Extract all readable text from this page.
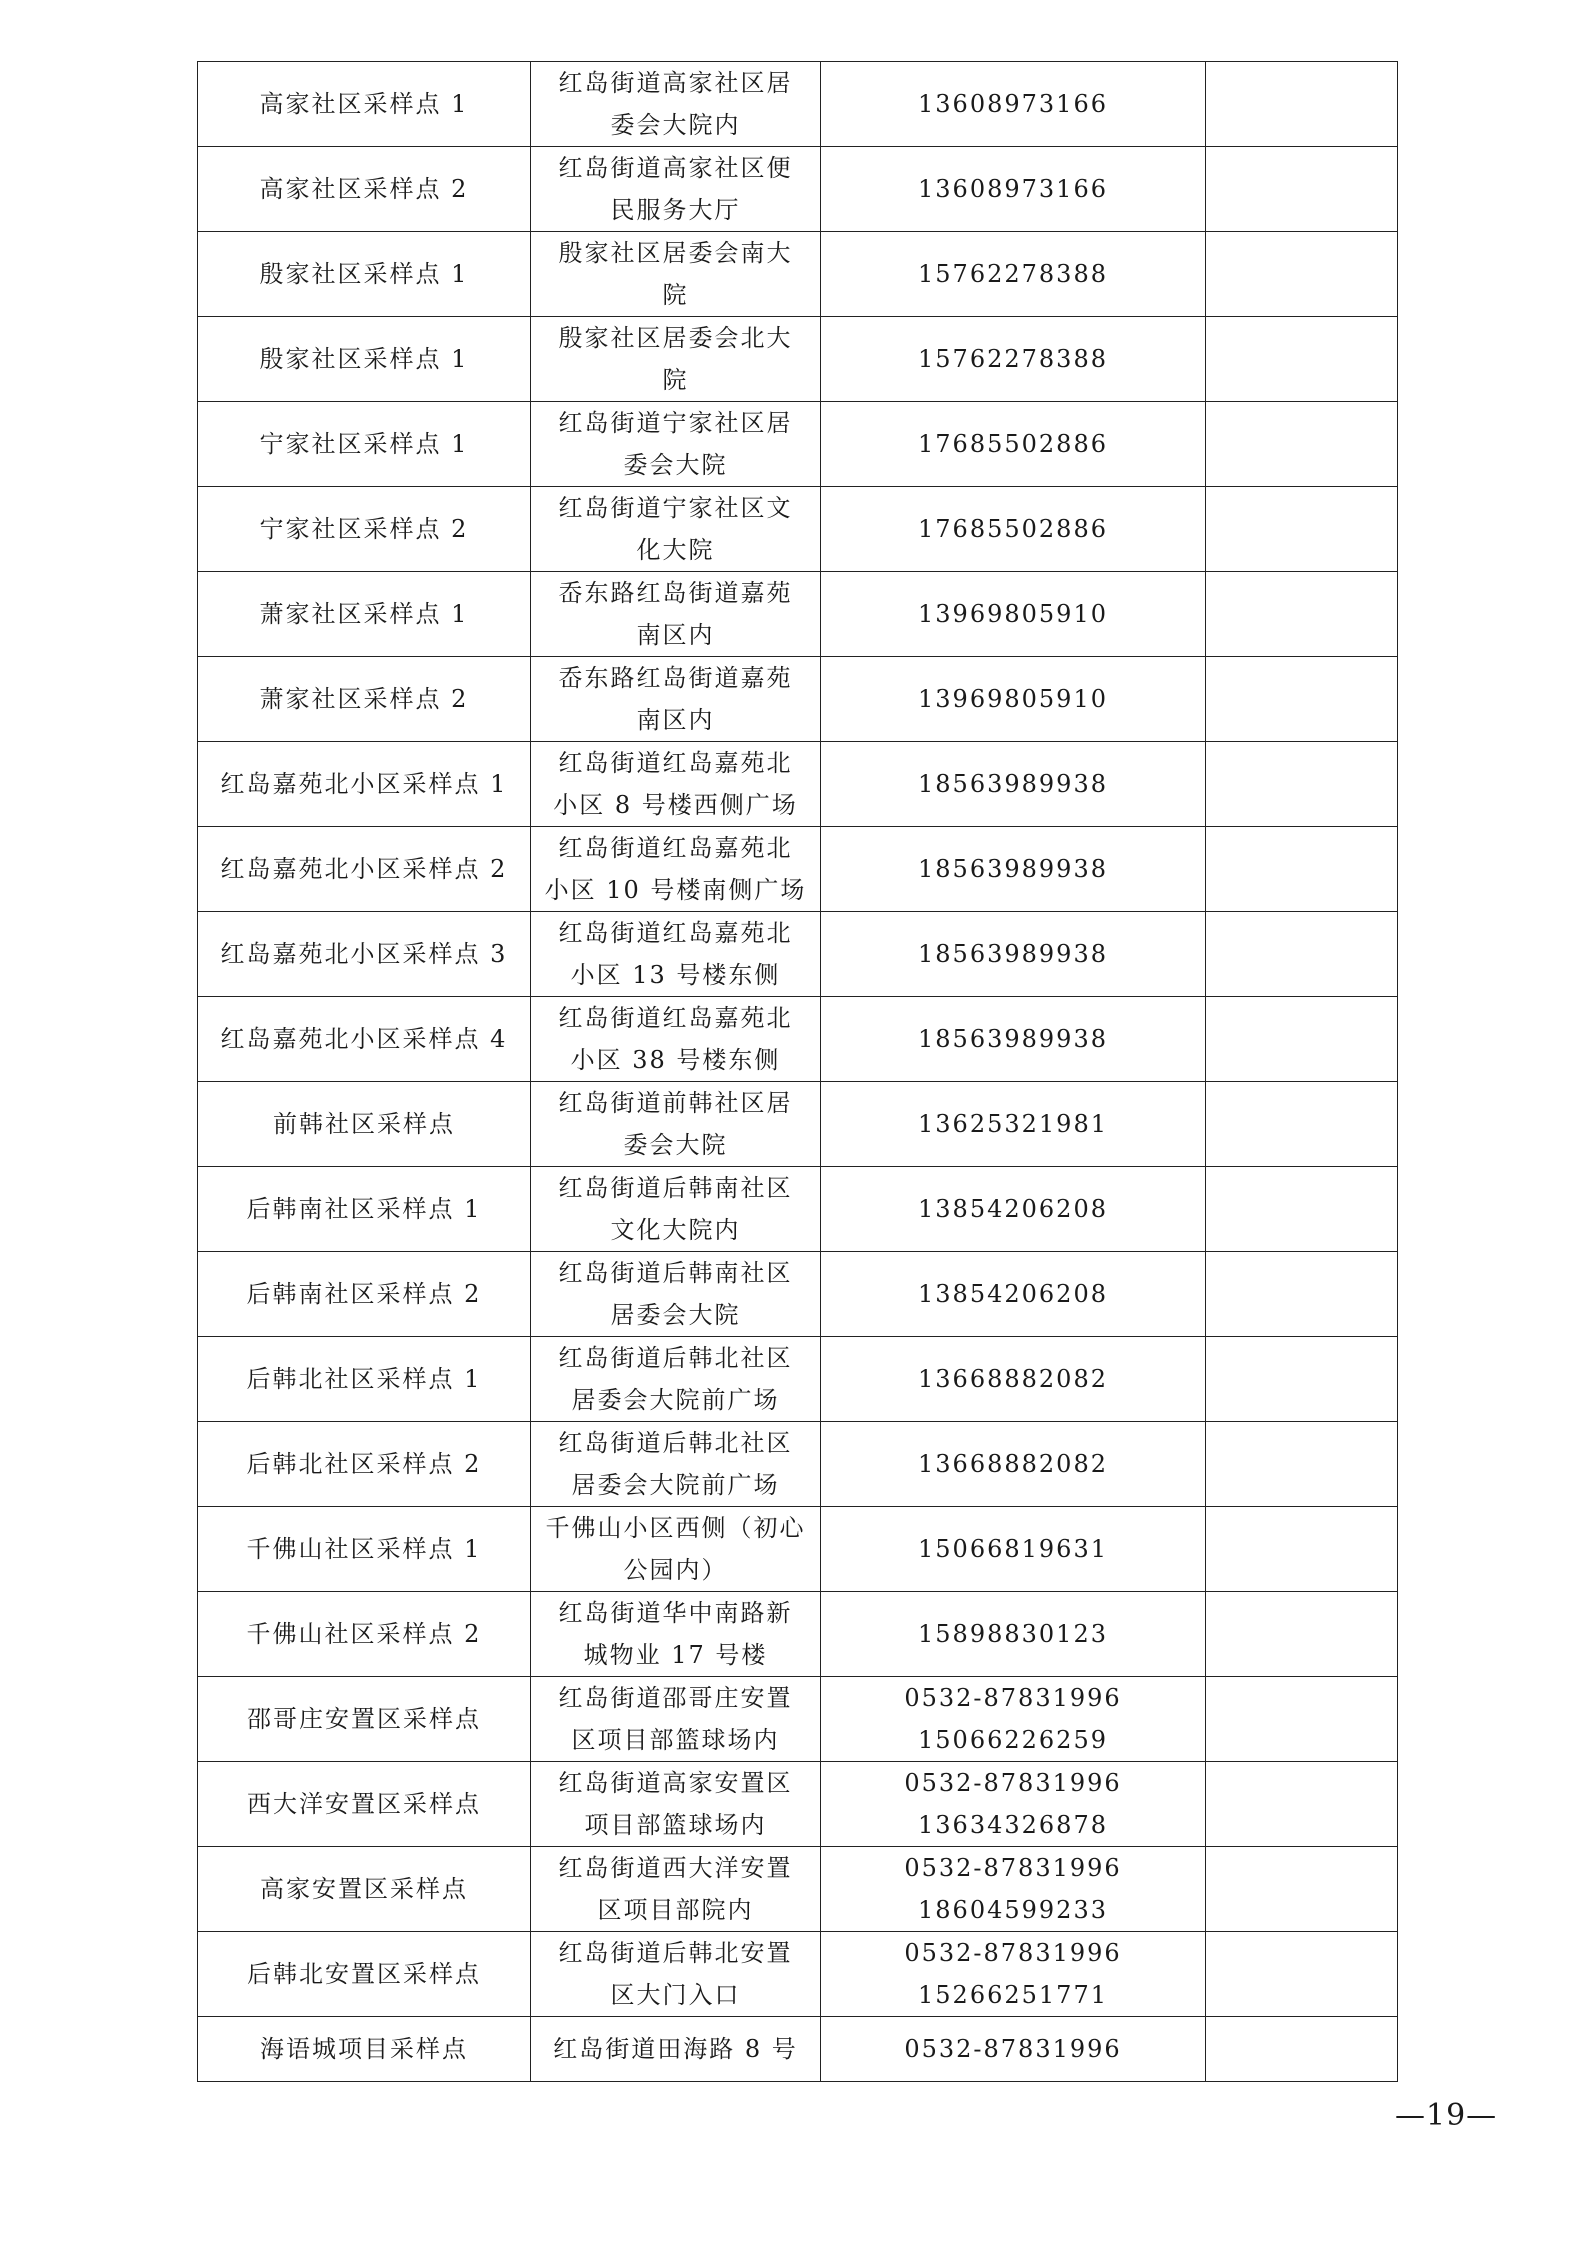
高家社区采样点 1	红岛街道高家社区居
委会大院内	13608973166	

高家社区采样点 2	红岛街道高家社区便
民服务大厅	13608973166	

殷家社区采样点 1	殷家社区居委会南大
院	15762278388	

殷家社区采样点 1	殷家社区居委会北大
院	15762278388	

宁家社区采样点 1	红岛街道宁家社区居
委会大院	17685502886	

宁家社区采样点 2	红岛街道宁家社区文
化大院	17685502886	

萧家社区采样点 1	岙东路红岛街道嘉苑
南区内	13969805910	

萧家社区采样点 2	岙东路红岛街道嘉苑
南区内	13969805910	

红岛嘉苑北小区采样点 1	红岛街道红岛嘉苑北
小区 8 号楼西侧广场	18563989938	

红岛嘉苑北小区采样点 2	红岛街道红岛嘉苑北
小区 10 号楼南侧广场	18563989938	

红岛嘉苑北小区采样点 3	红岛街道红岛嘉苑北
小区 13 号楼东侧	18563989938	

红岛嘉苑北小区采样点 4	红岛街道红岛嘉苑北
小区 38 号楼东侧	18563989938	

前韩社区采样点	红岛街道前韩社区居
委会大院	13625321981	

后韩南社区采样点 1	红岛街道后韩南社区
文化大院内	13854206208	

后韩南社区采样点 2	红岛街道后韩南社区
居委会大院	13854206208	

后韩北社区采样点 1	红岛街道后韩北社区
居委会大院前广场	13668882082	

后韩北社区采样点 2	红岛街道后韩北社区
居委会大院前广场	13668882082	

千佛山社区采样点 1	千佛山小区西侧（初心
公园内）	15066819631	

千佛山社区采样点 2	红岛街道华中南路新
城物业 17 号楼	15898830123	

邵哥庄安置区采样点	红岛街道邵哥庄安置
区项目部篮球场内	0532-87831996
15066226259	

西大洋安置区采样点	红岛街道高家安置区
项目部篮球场内	0532-87831996
13634326878	

高家安置区采样点	红岛街道西大洋安置
区项目部院内	0532-87831996
18604599233	

后韩北安置区采样点	红岛街道后韩北安置
区大门入口	0532-87831996
15266251771	

海语城项目采样点	红岛街道田海路 8 号	0532-87831996	

—19—
